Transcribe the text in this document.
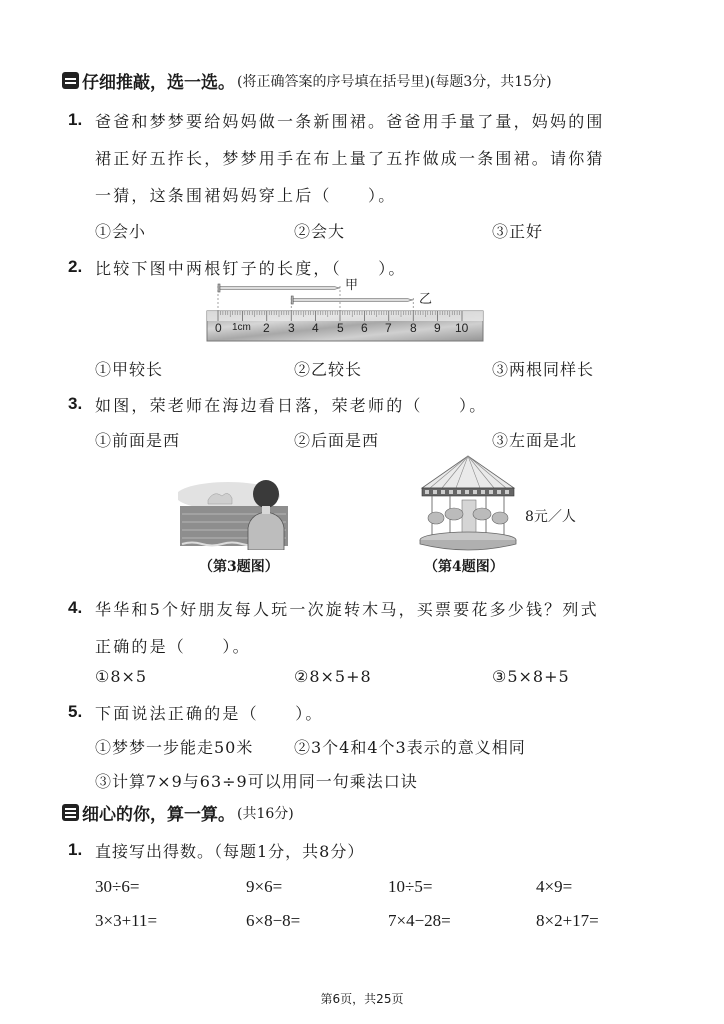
仔细推敲，选一选。 (将正确答案的序号填在括号里)(每题3分，共15分)
1. 爸爸和梦梦要给妈妈做一条新围裙。爸爸用手量了量，妈妈的围
裙正好五拃长，梦梦用手在布上量了五拃做成一条围裙。请你猜
一猜，这条围裙妈妈穿上后（　　）。
①会小	②会大	③正好
2. 比较下图中两根钉子的长度，（　　）。
甲
乙
0 1cm 2 3 4 5 6 7 8 9 10
①甲较长	②乙较长	③两根同样长
3. 如图，荣老师在海边看日落，荣老师的（　　）。
①前面是西	②后面是西	③左面是北
（第3题图）
8元／人
（第4题图）
4. 华华和5个好朋友每人玩一次旋转木马，买票要花多少钱？列式
正确的是（　　）。
①8×5	②8×5+8	③5×8+5
5. 下面说法正确的是（　　）。
①梦梦一步能走50米	②3个4和4个3表示的意义相同
③计算7×9与63÷9可以用同一句乘法口诀
细心的你，算一算。 (共16分)
1. 直接写出得数。（每题1分，共8分）
30÷6=	9×6=	10÷5=	4×9=
3×3+11=	6×8−8=	7×4−28=	8×2+17=
第6页，共25页
